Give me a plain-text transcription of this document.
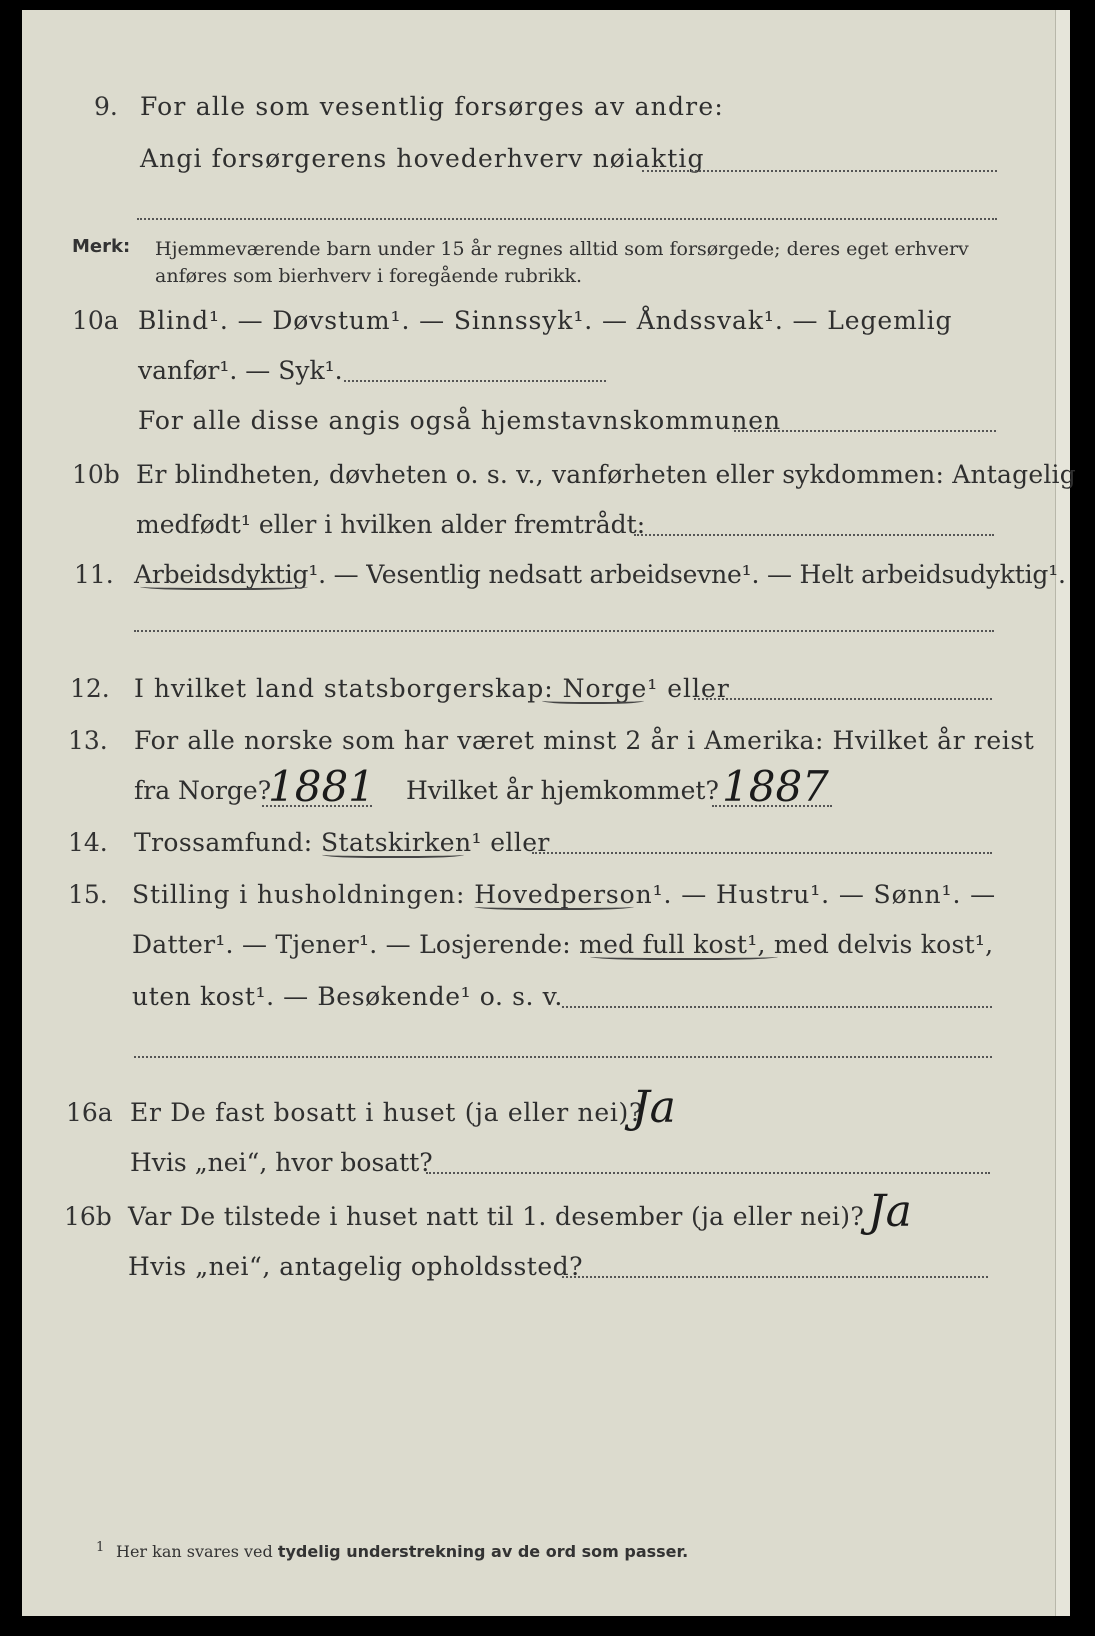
9. For alle som vesentlig forsørges av andre:
Angi forsørgerens hovederhverv nøiaktig
Merk: Hjemmeværende barn under 15 år regnes alltid som forsørgede; deres eget erhverv
anføres som bierhverv i foregående rubrikk.
10a Blind¹. — Døvstum¹. — Sinnssyk¹. — Åndssvak¹. — Legemlig
vanfør¹. — Syk¹.
For alle disse angis også hjemstavnskommunen
10b Er blindheten, døvheten o. s. v., vanførheten eller sykdommen: Antagelig
medfødt¹ eller i hvilken alder fremtrådt:
11. Arbeidsdyktig¹. — Vesentlig nedsatt arbeidsevne¹. — Helt arbeidsudyktig¹.
12. I hvilket land statsborgerskap: Norge¹ eller
13. For alle norske som har været minst 2 år i Amerika: Hvilket år reist
fra Norge?
1881 Hvilket år hjemkommet? 1887
14. Trossamfund: Statskirken¹ eller
15. Stilling i husholdningen: Hovedperson¹. — Hustru¹. — Sønn¹. —
Datter¹. — Tjener¹. — Losjerende: med full kost¹, med delvis kost¹,
uten kost¹. — Besøkende¹ o. s. v.
16a Er De fast bosatt i huset (ja eller nei)?
Ja
Hvis „nei“, hvor bosatt?
16b Var De tilstede i huset natt til 1. desember (ja eller nei)? Ja
Hvis „nei“, antagelig opholdssted?
1 Her kan svares ved tydelig understrekning av de ord som passer.
